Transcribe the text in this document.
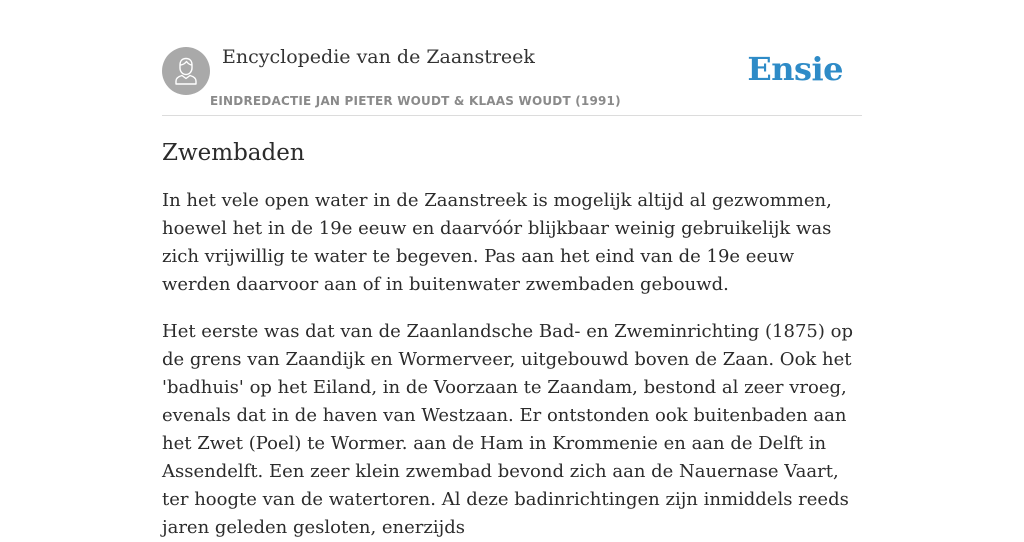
Encyclopedie van de Zaanstreek
EINDREDACTIE JAN PIETER WOUDT & KLAAS WOUDT (1991)
Ensie
Zwembaden

In het vele open water in de Zaanstreek is mogelijk altijd al gezwommen, hoewel het in de 19e eeuw en daarvóór blijkbaar weinig gebruikelijk was zich vrijwillig te water te begeven. Pas aan het eind van de 19e eeuw werden daarvoor aan of in buitenwater zwembaden gebouwd.

Het eerste was dat van de Zaanlandsche Bad- en Zweminrichting (1875) op de grens van Zaandijk en Wormerveer, uitgebouwd boven de Zaan. Ook het 'badhuis' op het Eiland, in de Voorzaan te Zaandam, bestond al zeer vroeg, evenals dat in de haven van Westzaan. Er ontstonden ook buitenbaden aan het Zwet (Poel) te Wormer. aan de Ham in Krommenie en aan de Delft in Assendelft. Een zeer klein zwembad bevond zich aan de Nauernase Vaart, ter hoogte van de watertoren. Al deze badinrichtingen zijn inmiddels reeds jaren geleden gesloten, enerzijds
